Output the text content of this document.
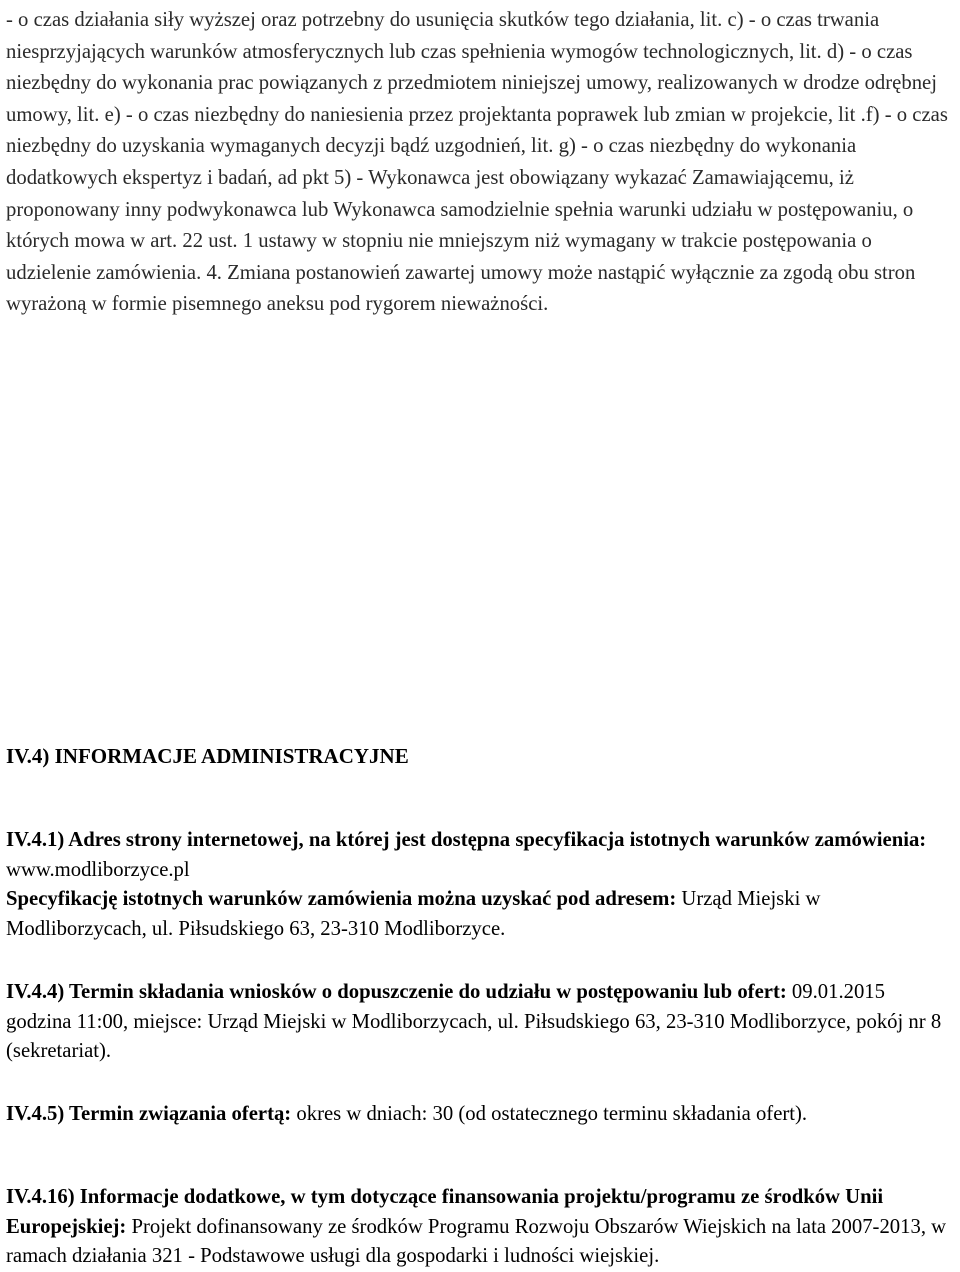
- o czas działania siły wyższej oraz potrzebny do usunięcia skutków tego działania, lit. c) - o czas trwania niesprzyjających warunków atmosferycznych lub czas spełnienia wymogów technologicznych, lit. d) - o czas niezbędny do wykonania prac powiązanych z przedmiotem niniejszej umowy, realizowanych w drodze odrębnej umowy, lit. e) - o czas niezbędny do naniesienia przez projektanta poprawek lub zmian w projekcie, lit .f) - o czas niezbędny do uzyskania wymaganych decyzji bądź uzgodnień, lit. g) - o czas niezbędny do wykonania dodatkowych ekspertyz i badań, ad pkt 5) - Wykonawca jest obowiązany wykazać Zamawiającemu, iż proponowany inny podwykonawca lub Wykonawca samodzielnie spełnia warunki udziału w postępowaniu, o których mowa w art. 22 ust. 1 ustawy w stopniu nie mniejszym niż wymagany w trakcie postępowania o udzielenie zamówienia. 4. Zmiana postanowień zawartej umowy może nastąpić wyłącznie za zgodą obu stron wyrażoną w formie pisemnego aneksu pod rygorem nieważności.

IV.4) INFORMACJE ADMINISTRACYJNE

IV.4.1) Adres strony internetowej, na której jest dostępna specyfikacja istotnych warunków zamówienia: www.modliborzyce.pl
Specyfikację istotnych warunków zamówienia można uzyskać pod adresem: Urząd Miejski w Modliborzycach, ul. Piłsudskiego 63, 23-310 Modliborzyce.
IV.4.4) Termin składania wniosków o dopuszczenie do udziału w postępowaniu lub ofert: 09.01.2015 godzina 11:00, miejsce: Urząd Miejski w Modliborzycach, ul. Piłsudskiego 63, 23-310 Modliborzyce, pokój nr 8 (sekretariat).
IV.4.5) Termin związania ofertą: okres w dniach: 30 (od ostatecznego terminu składania ofert).
IV.4.16) Informacje dodatkowe, w tym dotyczące finansowania projektu/programu ze środków Unii Europejskiej: Projekt dofinansowany ze środków Programu Rozwoju Obszarów Wiejskich na lata 2007-2013, w ramach działania 321 - Podstawowe usługi dla gospodarki i ludności wiejskiej.
